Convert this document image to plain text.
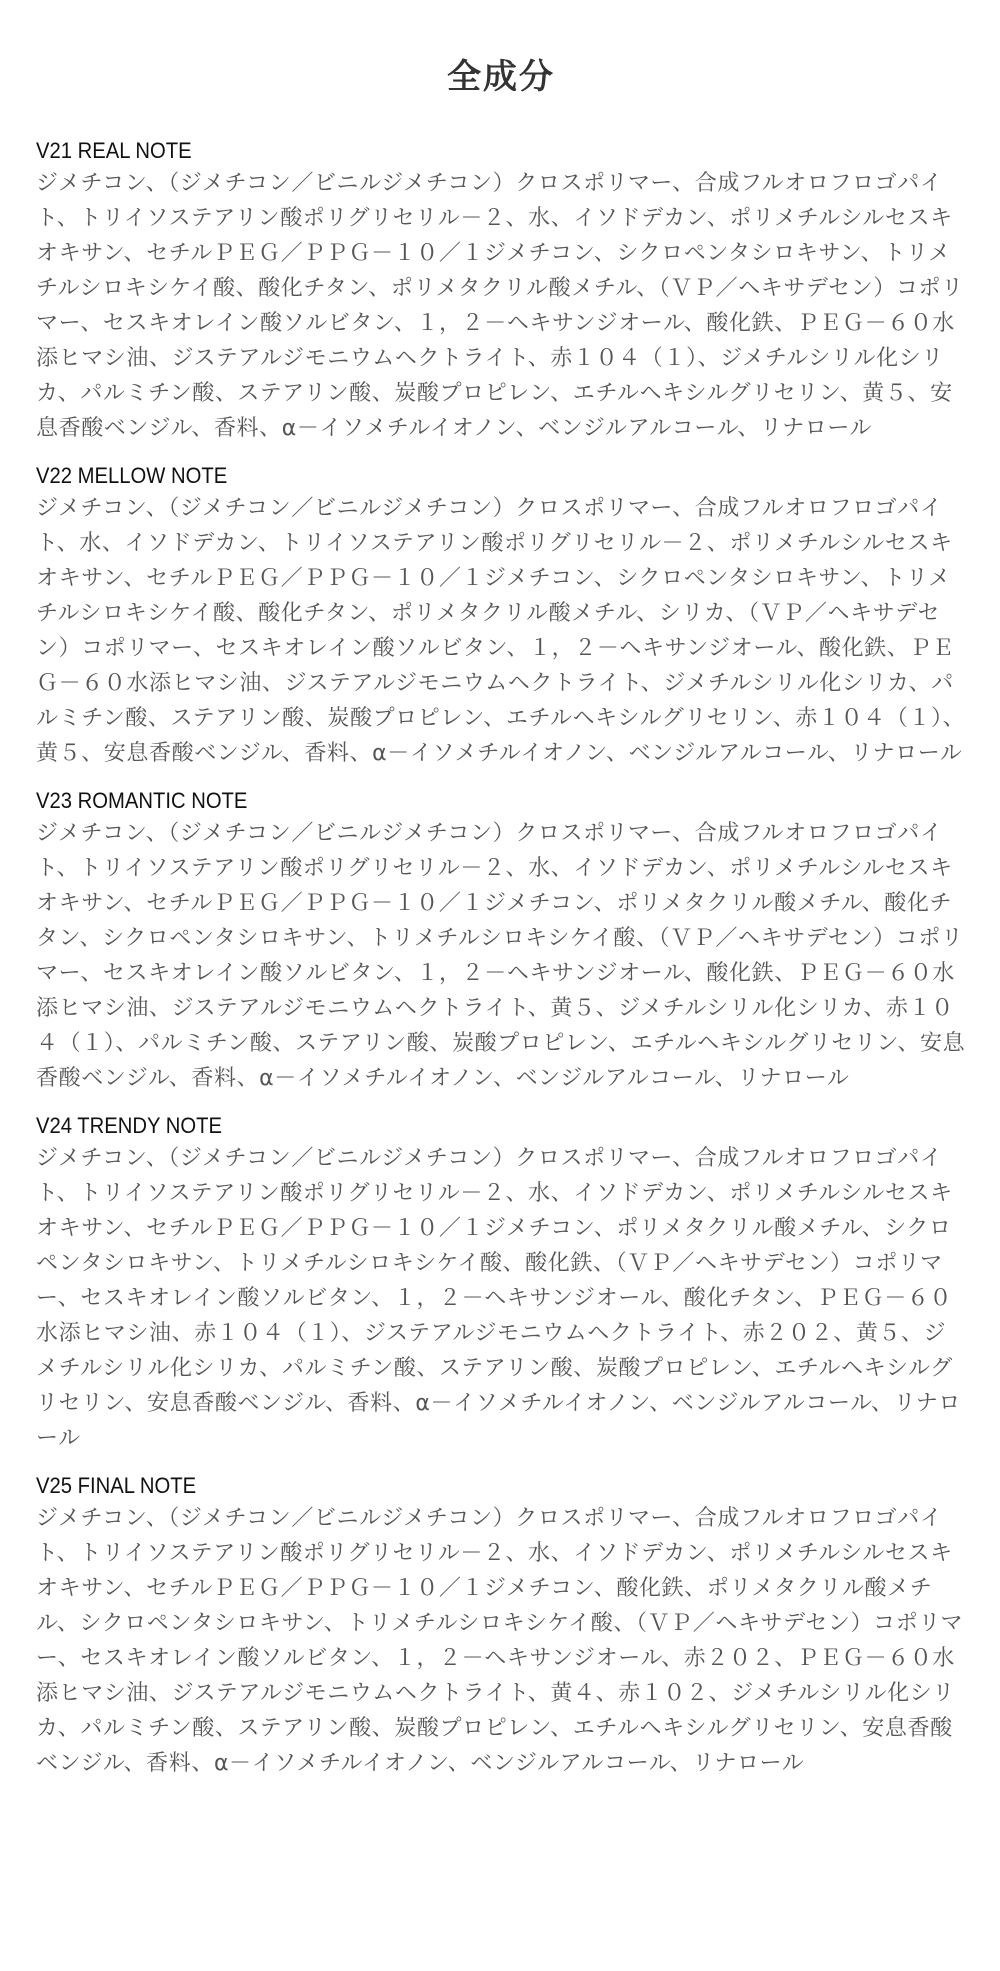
全成分
V21 REAL NOTE

ジメチコン、（ジメチコン／ビニルジメチコン）クロスポリマー、合成フルオロフロゴパイト、トリイソステアリン酸ポリグリセリル－２、水、イソドデカン、ポリメチルシルセスキオキサン、セチルＰＥＧ／ＰＰＧ－１０／１ジメチコン、シクロペンタシロキサン、トリメチルシロキシケイ酸、酸化チタン、ポリメタクリル酸メチル、（ＶＰ／ヘキサデセン）コポリマー、セスキオレイン酸ソルビタン、１，２－ヘキサンジオール、酸化鉄、ＰＥＧ－６０水添ヒマシ油、ジステアルジモニウムヘクトライト、赤１０４（１）、ジメチルシリル化シリカ、パルミチン酸、ステアリン酸、炭酸プロピレン、エチルヘキシルグリセリン、黄５、安息香酸ベンジル、香料、α－イソメチルイオノン、ベンジルアルコール、リナロール

V22 MELLOW NOTE

ジメチコン、（ジメチコン／ビニルジメチコン）クロスポリマー、合成フルオロフロゴパイト、水、イソドデカン、トリイソステアリン酸ポリグリセリル－２、ポリメチルシルセスキオキサン、セチルＰＥＧ／ＰＰＧ－１０／１ジメチコン、シクロペンタシロキサン、トリメチルシロキシケイ酸、酸化チタン、ポリメタクリル酸メチル、シリカ、（ＶＰ／ヘキサデセン）コポリマー、セスキオレイン酸ソルビタン、１，２－ヘキサンジオール、酸化鉄、ＰＥＧ－６０水添ヒマシ油、ジステアルジモニウムヘクトライト、ジメチルシリル化シリカ、パルミチン酸、ステアリン酸、炭酸プロピレン、エチルヘキシルグリセリン、赤１０４（１）、黄５、安息香酸ベンジル、香料、α－イソメチルイオノン、ベンジルアルコール、リナロール

V23 ROMANTIC NOTE

ジメチコン、（ジメチコン／ビニルジメチコン）クロスポリマー、合成フルオロフロゴパイト、トリイソステアリン酸ポリグリセリル－２、水、イソドデカン、ポリメチルシルセスキオキサン、セチルＰＥＧ／ＰＰＧ－１０／１ジメチコン、ポリメタクリル酸メチル、酸化チタン、シクロペンタシロキサン、トリメチルシロキシケイ酸、（ＶＰ／ヘキサデセン）コポリマー、セスキオレイン酸ソルビタン、１，２－ヘキサンジオール、酸化鉄、ＰＥＧ－６０水添ヒマシ油、ジステアルジモニウムヘクトライト、黄５、ジメチルシリル化シリカ、赤１０４（１）、パルミチン酸、ステアリン酸、炭酸プロピレン、エチルヘキシルグリセリン、安息香酸ベンジル、香料、α－イソメチルイオノン、ベンジルアルコール、リナロール

V24 TRENDY NOTE

ジメチコン、（ジメチコン／ビニルジメチコン）クロスポリマー、合成フルオロフロゴパイト、トリイソステアリン酸ポリグリセリル－２、水、イソドデカン、ポリメチルシルセスキオキサン、セチルＰＥＧ／ＰＰＧ－１０／１ジメチコン、ポリメタクリル酸メチル、シクロペンタシロキサン、トリメチルシロキシケイ酸、酸化鉄、（ＶＰ／ヘキサデセン）コポリマー、セスキオレイン酸ソルビタン、１，２－ヘキサンジオール、酸化チタン、ＰＥＧ－６０水添ヒマシ油、赤１０４（１）、ジステアルジモニウムヘクトライト、赤２０２、黄５、ジメチルシリル化シリカ、パルミチン酸、ステアリン酸、炭酸プロピレン、エチルヘキシルグリセリン、安息香酸ベンジル、香料、α－イソメチルイオノン、ベンジルアルコール、リナロール

V25 FINAL NOTE

ジメチコン、（ジメチコン／ビニルジメチコン）クロスポリマー、合成フルオロフロゴパイト、トリイソステアリン酸ポリグリセリル－２、水、イソドデカン、ポリメチルシルセスキオキサン、セチルＰＥＧ／ＰＰＧ－１０／１ジメチコン、酸化鉄、ポリメタクリル酸メチル、シクロペンタシロキサン、トリメチルシロキシケイ酸、（ＶＰ／ヘキサデセン）コポリマー、セスキオレイン酸ソルビタン、１，２－ヘキサンジオール、赤２０２、ＰＥＧ－６０水添ヒマシ油、ジステアルジモニウムヘクトライト、黄４、赤１０２、ジメチルシリル化シリカ、パルミチン酸、ステアリン酸、炭酸プロピレン、エチルヘキシルグリセリン、安息香酸ベンジル、香料、α－イソメチルイオノン、ベンジルアルコール、リナロール
